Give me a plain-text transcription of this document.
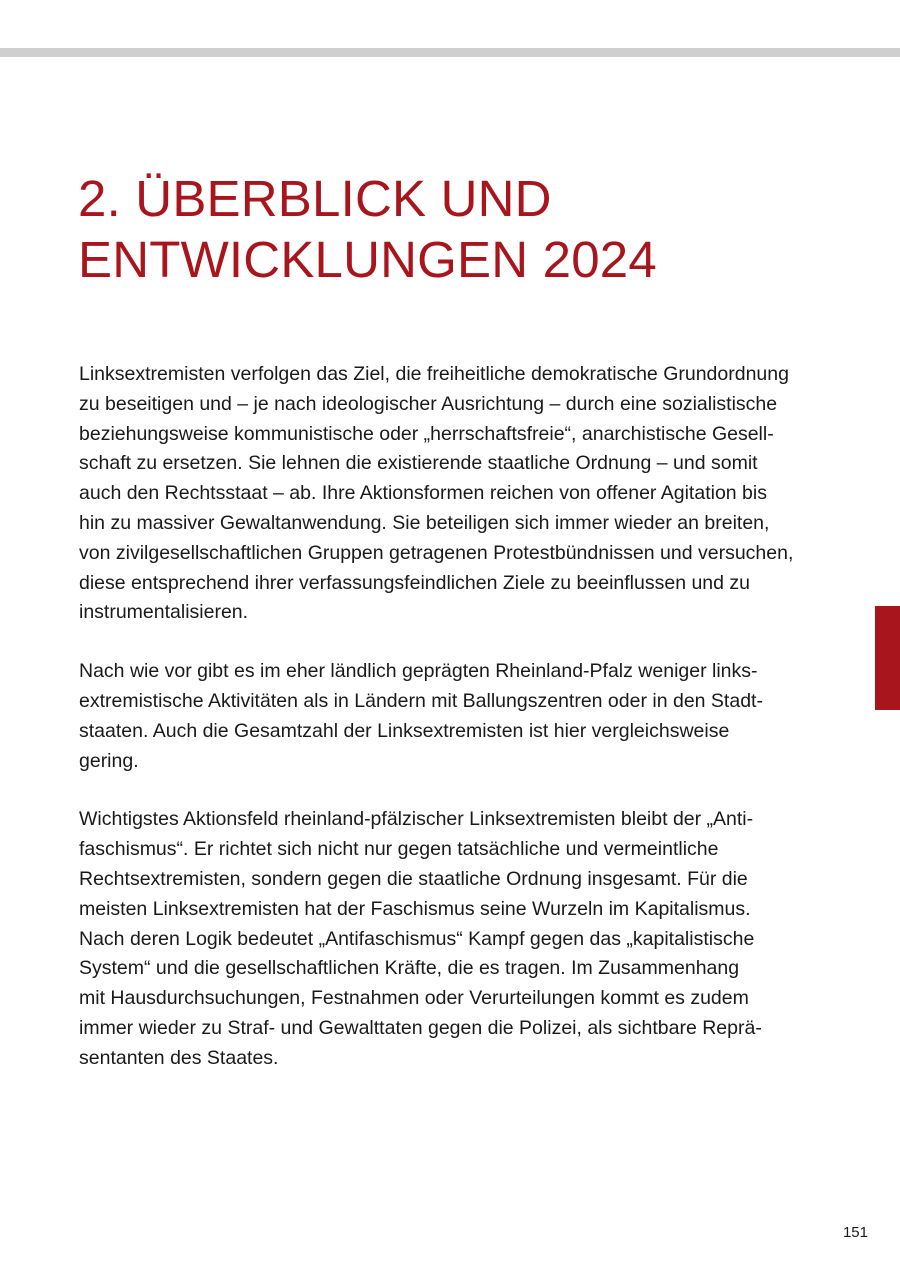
2. ÜBERBLICK UND
ENTWICKLUNGEN 2024

Linksextremisten verfolgen das Ziel, die freiheitliche demokratische Grundordnung
zu beseitigen und – je nach ideologischer Ausrichtung – durch eine sozialistische
beziehungsweise kommunistische oder „herrschaftsfreie“, anarchistische Gesell-
schaft zu ersetzen. Sie lehnen die existierende staatliche Ordnung – und somit
auch den Rechtsstaat – ab. Ihre Aktionsformen reichen von offener Agitation bis
hin zu massiver Gewaltanwendung. Sie beteiligen sich immer wieder an breiten,
von zivilgesellschaftlichen Gruppen getragenen Protestbündnissen und versuchen,
diese entsprechend ihrer verfassungsfeindlichen Ziele zu beeinflussen und zu
instrumentalisieren.

Nach wie vor gibt es im eher ländlich geprägten Rheinland-Pfalz weniger links-
extremistische Aktivitäten als in Ländern mit Ballungszentren oder in den Stadt-
staaten. Auch die Gesamtzahl der Linksextremisten ist hier vergleichsweise
gering.

Wichtigstes Aktionsfeld rheinland-pfälzischer Linksextremisten bleibt der „Anti-
faschismus“. Er richtet sich nicht nur gegen tatsächliche und vermeintliche
Rechtsextremisten, sondern gegen die staatliche Ordnung insgesamt. Für die
meisten Linksextremisten hat der Faschismus seine Wurzeln im Kapitalismus.
Nach deren Logik bedeutet „Antifaschismus“ Kampf gegen das „kapitalistische
System“ und die gesellschaftlichen Kräfte, die es tragen. Im Zusammenhang
mit Hausdurchsuchungen, Festnahmen oder Verurteilungen kommt es zudem
immer wieder zu Straf- und Gewalttaten gegen die Polizei, als sichtbare Reprä-
sentanten des Staates.

151
